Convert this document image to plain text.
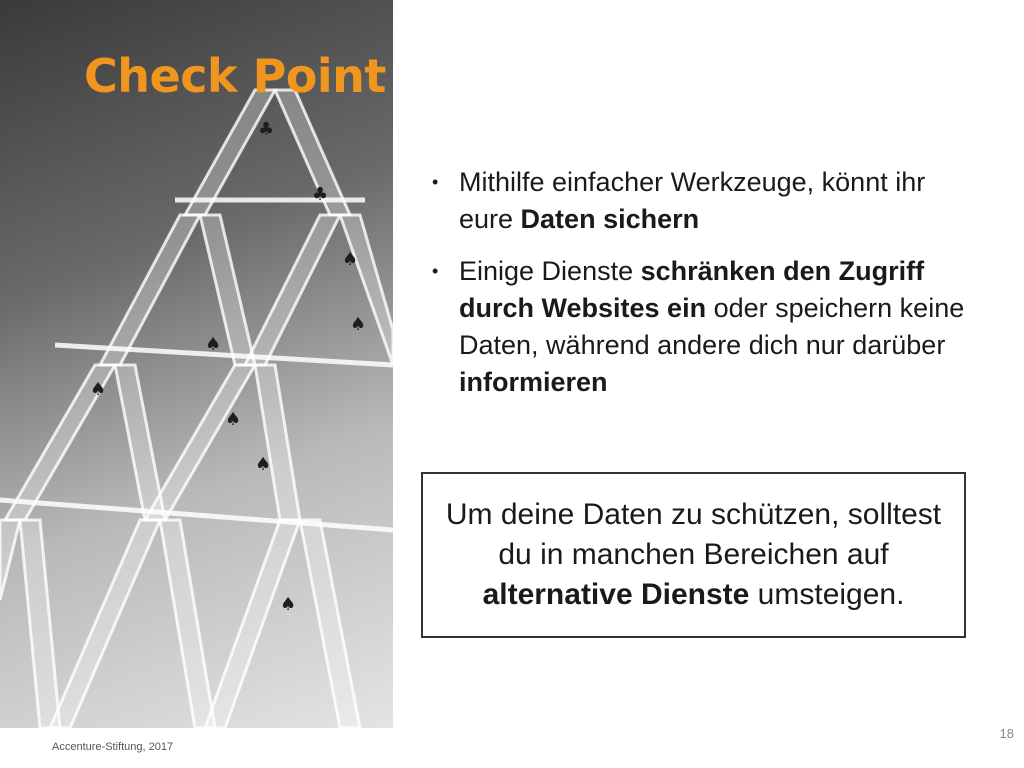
♣
♣
♠
♠
♠
♠
♠
♠
♠
Check Point
• Mithilfe einfacher Werkzeuge, könnt ihr eure Daten sichern
• Einige Dienste schränken den Zugriff durch Websites ein oder speichern keine Daten, während andere dich nur darüber informieren
Um deine Daten zu schützen, solltest du in manchen Bereichen auf alternative Dienste umsteigen.
Accenture-Stiftung, 2017
18
